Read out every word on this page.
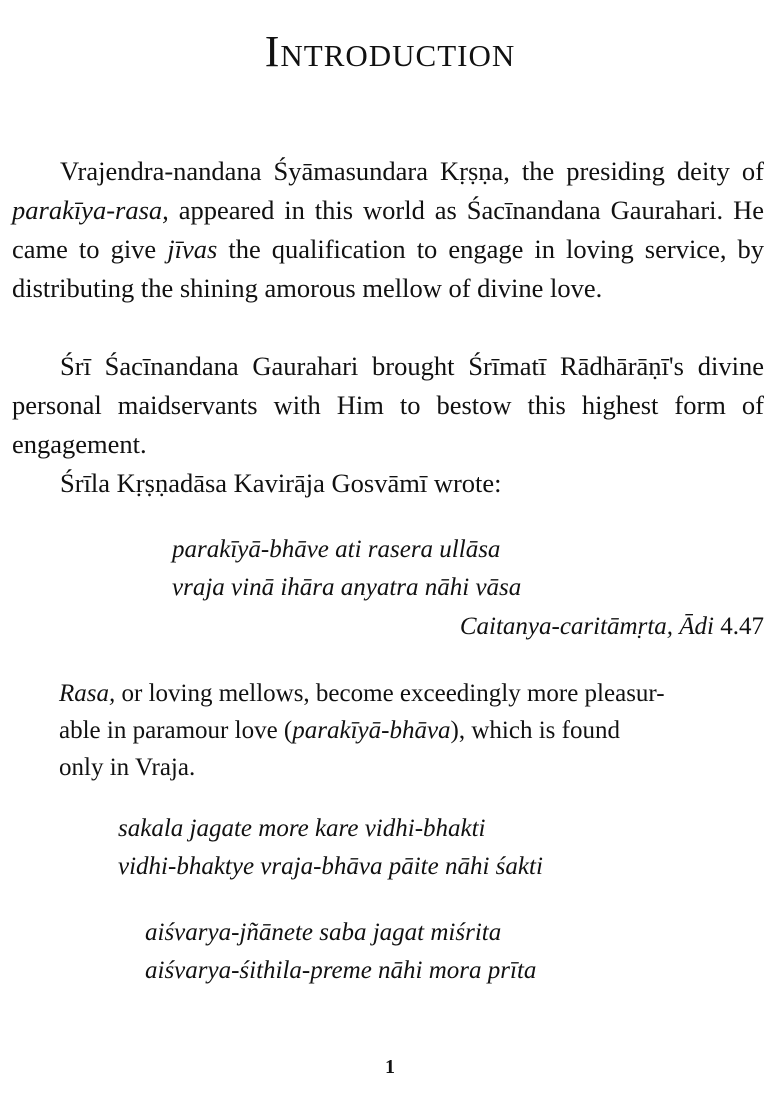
Introduction

Vrajendra-nandana Śyāmasundara Kṛṣṇa, the presiding deity of parakīya-rasa, appeared in this world as Śacīnandana Gaurahari. He came to give jīvas the qualification to engage in loving service, by distributing the shining amorous mellow of divine love.

Śrī Śacīnandana Gaurahari brought Śrīmatī Rādhārāṇī's divine personal maidservants with Him to bestow this highest form of engagement.

Śrīla Kṛṣṇadāsa Kavirāja Gosvāmī wrote:

parakīyā-bhāve ati rasera ullāsa
vraja vinā ihāra anyatra nāhi vāsa
Caitanya-caritāmṛta, Ādi 4.47
Rasa, or loving mellows, become exceedingly more pleasur-
able in paramour love (parakīyā-bhāva), which is found
only in Vraja.
sakala jagate more kare vidhi-bhakti
vidhi-bhaktye vraja-bhāva pāite nāhi śakti
aiśvarya-jñānete saba jagat miśrita
aiśvarya-śithila-preme nāhi mora prīta
1
